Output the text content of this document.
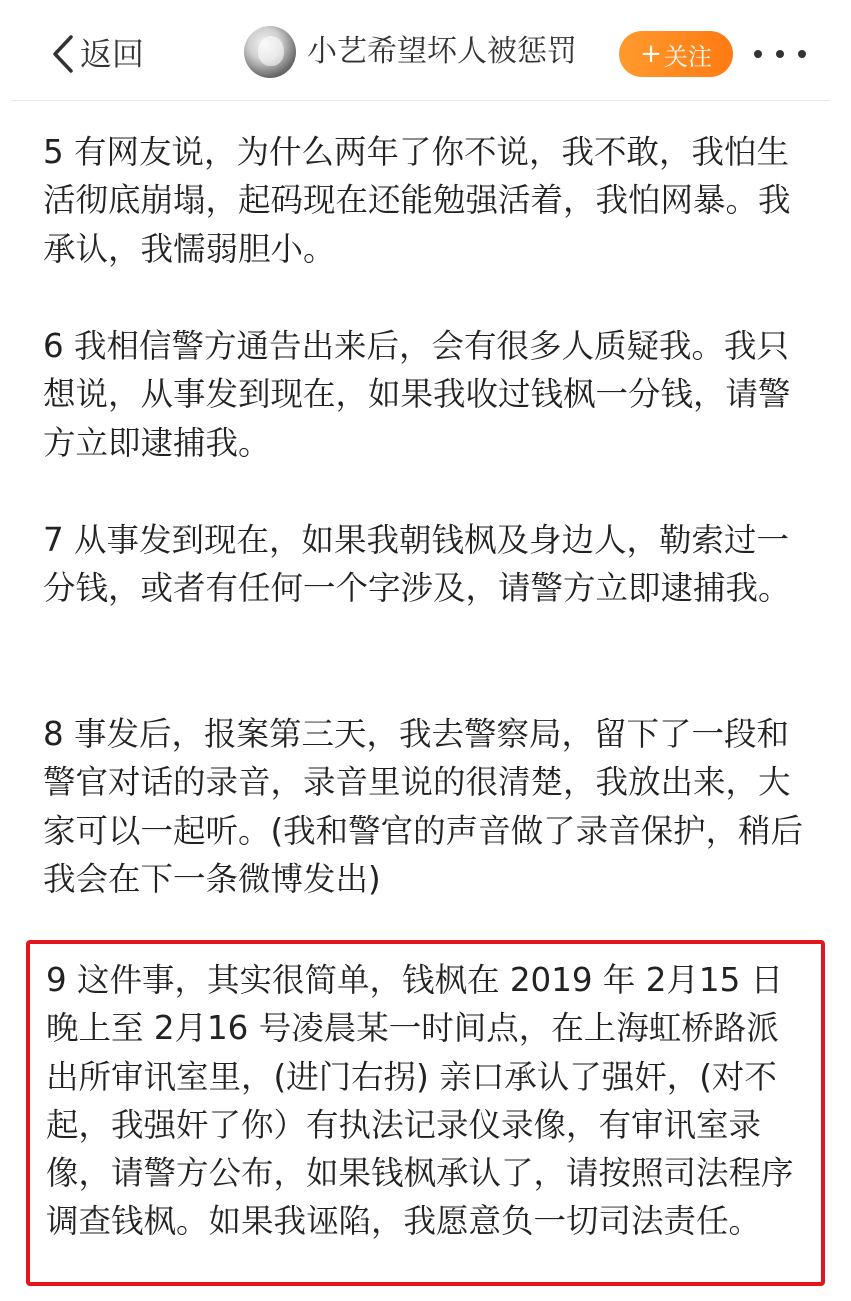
返回	小艺希望坏人被惩罚 + 关注

5 有网友说，为什么两年了你不说，我不敢，我怕生活彻底崩塌，起码现在还能勉强活着，我怕网暴。我承认，我懦弱胆小。

6 我相信警方通告出来后，会有很多人质疑我。我只想说，从事发到现在，如果我收过钱枫一分钱，请警方立即逮捕我。

7 从事发到现在，如果我朝钱枫及身边人，勒索过一分钱，或者有任何一个字涉及，请警方立即逮捕我。

8 事发后，报案第三天，我去警察局，留下了一段和警官对话的录音，录音里说的很清楚，我放出来，大家可以一起听。(我和警官的声音做了录音保护，稍后我会在下一条微博发出)

9 这件事，其实很简单，钱枫在 2019 年 2月15 日晚上至 2月16 号凌晨某一时间点，在上海虹桥路派出所审讯室里，(进门右拐) 亲口承认了强奸，(对不起，我强奸了你）有执法记录仪录像，有审讯室录像，请警方公布，如果钱枫承认了，请按照司法程序调查钱枫。如果我诬陷，我愿意负一切司法责任。
